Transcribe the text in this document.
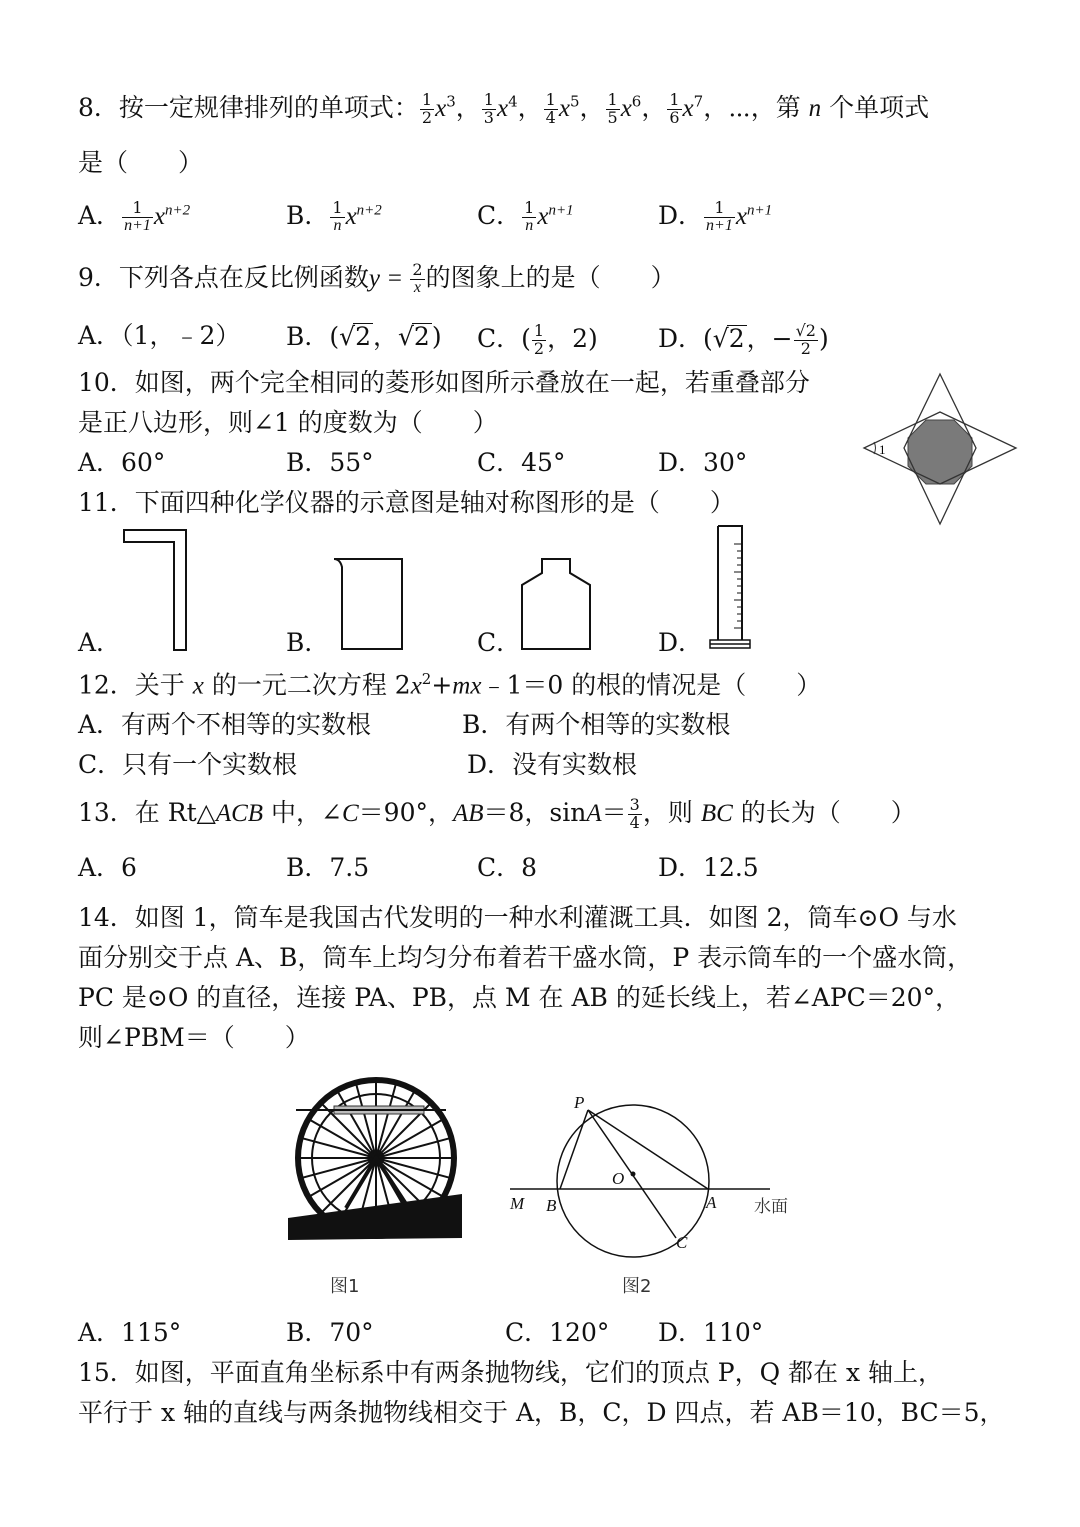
8．按一定规律排列的单项式： $\frac{1}{2} x^3$， $\frac{1}{3} x^4$， $\frac{1}{4} x^5$， $\frac{1}{5} x^6$， $\frac{1}{6} x^7$，⋯，第 n 个单项式
是（　　）
A． $\frac{1}{n+1} x^{n+2}$	B． $\frac{1}{n} x^{n+2}$	C． $\frac{1}{n} x^{n+1}$	D． $\frac{1}{n+1} x^{n+1}$
9．下列各点在反比例函数$y = \frac{2}{x}$ 的图象上的是（　　）
A．（1，﹣2） B．(√2，√2) C．( $\frac{1}{2}$ ，2) D．(√2，− $\frac{√2}{2}$ )
10．如图，两个完全相同的菱形如图所示叠放在一起，若重叠部分
是正八边形，则∠1 的度数为（　　）
A．60°	B．55°	C．45°	D．30°	1
11．下面四种化学仪器的示意图是轴对称图形的是（　　）
A．	B．	C．	D．
12．关于 x 的一元二次方程 $2x^2+mx﹣1=0$ 的根的情况是（　　）
A．有两个不相等的实数根	B．有两个相等的实数根
C．只有一个实数根	D．没有实数根
13．在 Rt△ACB 中，∠C＝90°，AB＝8，$\sin A= \frac{3}{4}$ ，则 BC 的长为（　　）
A．6	B．7.5	C．8	D．12.5
14．如图 1，筒车是我国古代发明的一种水利灌溉工具．如图 2，筒车⊙O 与水
面分别交于点 A、B，筒车上均匀分布着若干盛水筒，P 表示筒车的一个盛水筒，
PC 是⊙O 的直径，连接 PA、PB，点 M 在 AB 的延长线上，若∠APC＝20°，
则∠PBM＝（　　）
图1
P
O
M B	A
C
水面
图2
A．115°	B．70°	C．120° D．110°
15．如图，平面直角坐标系中有两条抛物线，它们的顶点 P，Q 都在 x 轴上，
平行于 x 轴的直线与两条抛物线相交于 A，B，C，D 四点，若 AB＝10，BC＝5，
